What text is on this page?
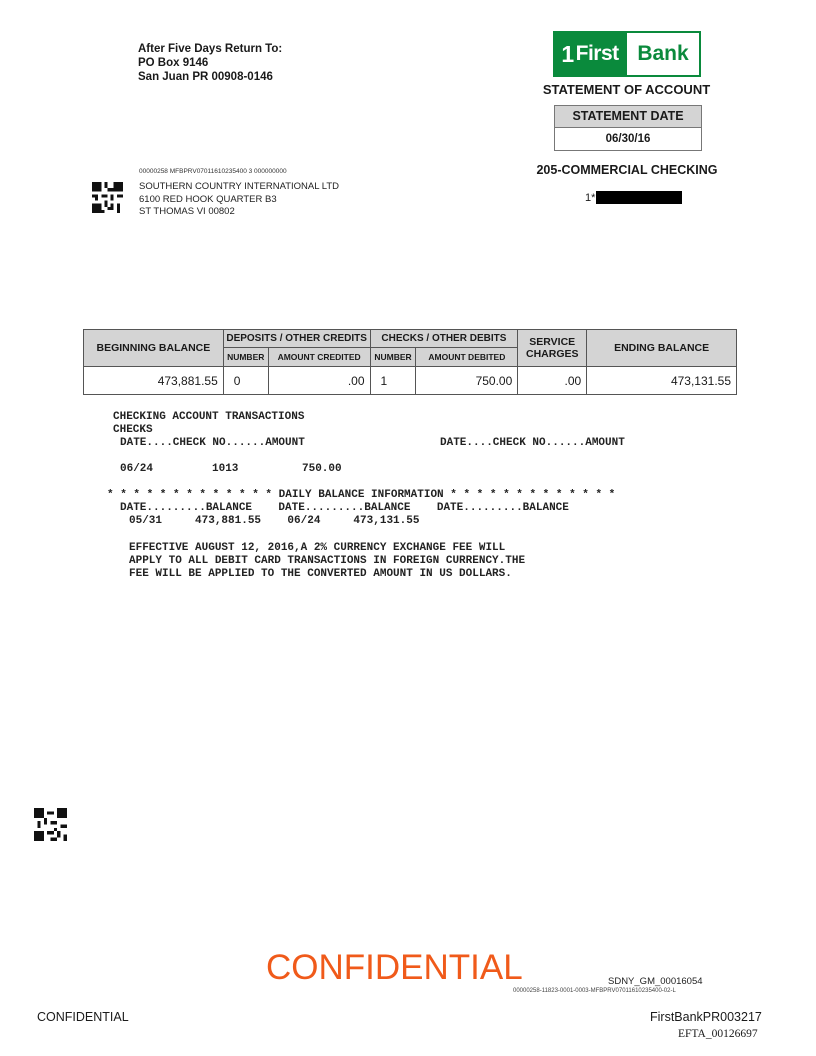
After Five Days Return To:
PO Box 9146
San Juan PR 00908-0146
1 First Bank
STATEMENT OF ACCOUNT
STATEMENT DATE
06/30/16
205-COMMERCIAL CHECKING
1*
00000258 MFBPRV07011610235400 3 000000000
SOUTHERN COUNTRY INTERNATIONAL LTD
6100 RED HOOK QUARTER B3
ST THOMAS VI 00802
BEGINNING BALANCE	DEPOSITS / OTHER CREDITS		CHECKS / OTHER DEBITS		SERVICE CHARGES	ENDING BALANCE
	NUMBER	AMOUNT CREDITED	NUMBER	AMOUNT DEBITED		
473,881.55	0	.00	1	750.00	.00	473,131.55
CHECKING ACCOUNT TRANSACTIONS
CHECKS
DATE....CHECK NO......AMOUNT	DATE....CHECK NO......AMOUNT
06/24	1013	750.00
* * * * * * * * * * * * * DAILY BALANCE INFORMATION * * * * * * * * * * * * *
DATE.........BALANCE    DATE.........BALANCE    DATE.........BALANCE
05/31     473,881.55    06/24     473,131.55
EFFECTIVE AUGUST 12, 2016,A 2% CURRENCY EXCHANGE FEE WILL
APPLY TO ALL DEBIT CARD TRANSACTIONS IN FOREIGN CURRENCY.THE
FEE WILL BE APPLIED TO THE CONVERTED AMOUNT IN US DOLLARS.
CONFIDENTIAL	SDNY_GM_00016054
00000258-11823-0001-0003-MFBPRV07011610235400-02-L
CONFIDENTIAL	FirstBankPR003217
EFTA_00126697
